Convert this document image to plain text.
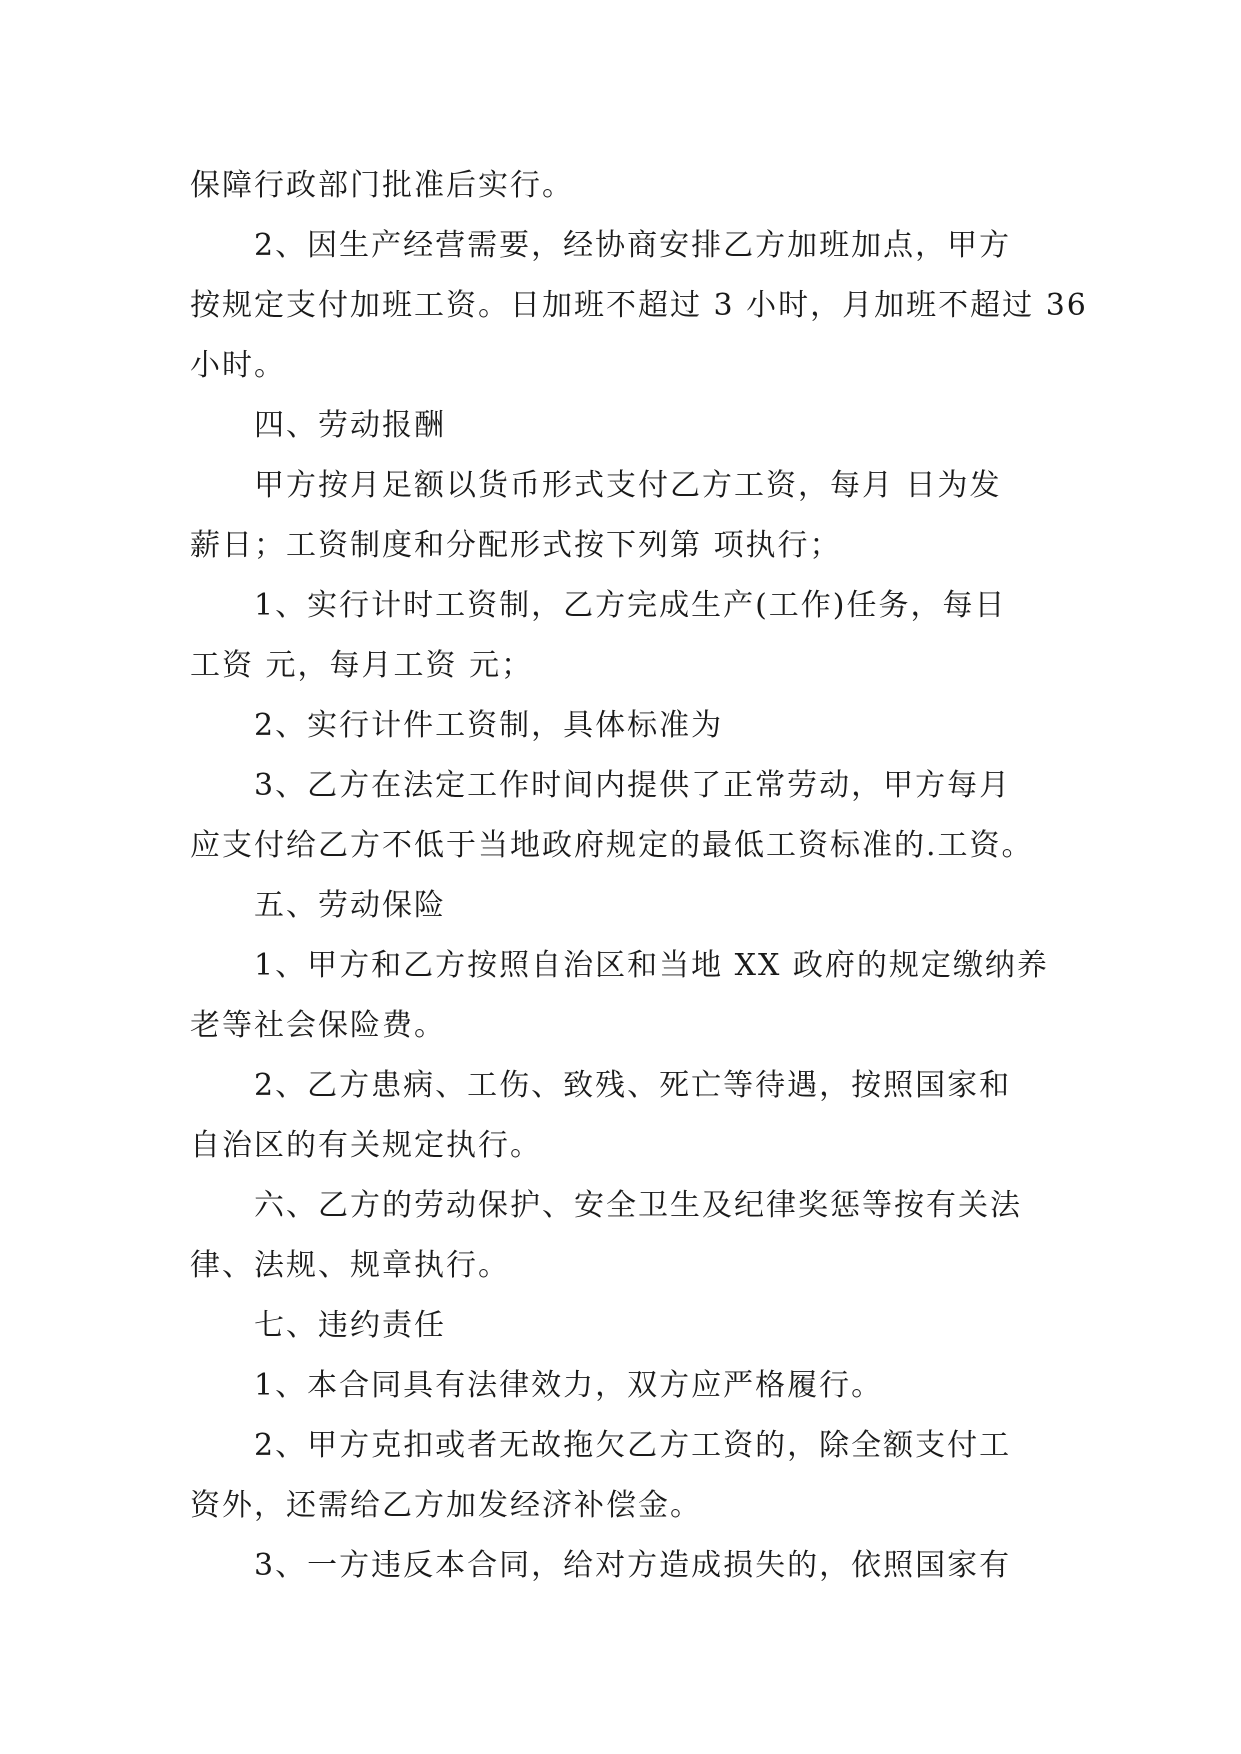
保障行政部门批准后实行。

2、因生产经营需要，经协商安排乙方加班加点，甲方
按规定支付加班工资。日加班不超过 3 小时，月加班不超过 36
小时。

四、劳动报酬

甲方按月足额以货币形式支付乙方工资，每月 日为发
薪日；工资制度和分配形式按下列第 项执行；

1、实行计时工资制，乙方完成生产(工作)任务，每日
工资 元，每月工资 元；

2、实行计件工资制，具体标准为

3、乙方在法定工作时间内提供了正常劳动，甲方每月
应支付给乙方不低于当地政府规定的最低工资标准的.工资。

五、劳动保险

1、甲方和乙方按照自治区和当地 XX 政府的规定缴纳养
老等社会保险费。

2、乙方患病、工伤、致残、死亡等待遇，按照国家和
自治区的有关规定执行。

六、乙方的劳动保护、安全卫生及纪律奖惩等按有关法
律、法规、规章执行。

七、违约责任

1、本合同具有法律效力，双方应严格履行。

2、甲方克扣或者无故拖欠乙方工资的，除全额支付工
资外，还需给乙方加发经济补偿金。

3、一方违反本合同，给对方造成损失的，依照国家有
